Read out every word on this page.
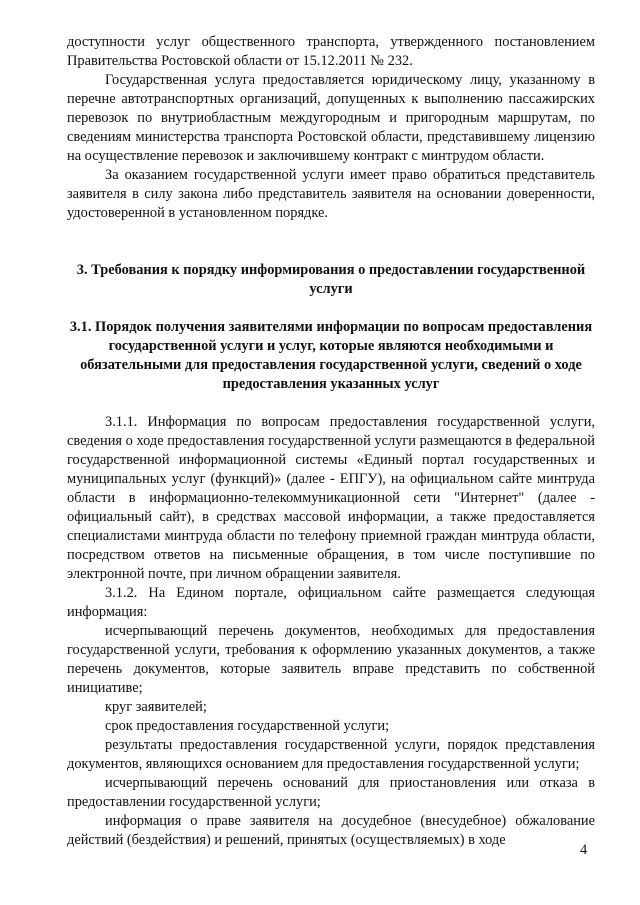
доступности услуг общественного транспорта, утвержденного постановлением Правительства Ростовской области от 15.12.2011 № 232.

Государственная услуга предоставляется юридическому лицу, указанному в перечне автотранспортных организаций, допущенных к выполнению пассажирских перевозок по внутриобластным междугородным и пригородным маршрутам, по сведениям министерства транспорта Ростовской области, представившему лицензию на осуществление перевозок и заключившему контракт с минтрудом области.

За оказанием государственной услуги имеет право обратиться представитель заявителя в силу закона либо представитель заявителя на основании доверенности, удостоверенной в установленном порядке.

3. Требования к порядку информирования о предоставлении государственной услуги

3.1. Порядок получения заявителями информации по вопросам предоставления государственной услуги и услуг, которые являются необходимыми и обязательными для предоставления государственной услуги, сведений о ходе предоставления указанных услуг

3.1.1. Информация по вопросам предоставления государственной услуги, сведения о ходе предоставления государственной услуги размещаются в федеральной государственной информационной системы «Единый портал государственных и муниципальных услуг (функций)» (далее - ЕПГУ), на официальном сайте минтруда области в информационно-телекоммуникационной сети "Интернет" (далее - официальный сайт), в средствах массовой информации, а также предоставляется специалистами минтруда области по телефону приемной граждан минтруда области, посредством ответов на письменные обращения, в том числе поступившие по электронной почте, при личном обращении заявителя.

3.1.2. На Едином портале, официальном сайте размещается следующая информация:

исчерпывающий перечень документов, необходимых для предоставления государственной услуги, требования к оформлению указанных документов, а также перечень документов, которые заявитель вправе представить по собственной инициативе;

круг заявителей;

срок предоставления государственной услуги;

результаты предоставления государственной услуги, порядок представления документов, являющихся основанием для предоставления государственной услуги;

исчерпывающий перечень оснований для приостановления или отказа в предоставлении государственной услуги;

информация о праве заявителя на досудебное (внесудебное) обжалование действий (бездействия) и решений, принятых (осуществляемых) в ходе

4
